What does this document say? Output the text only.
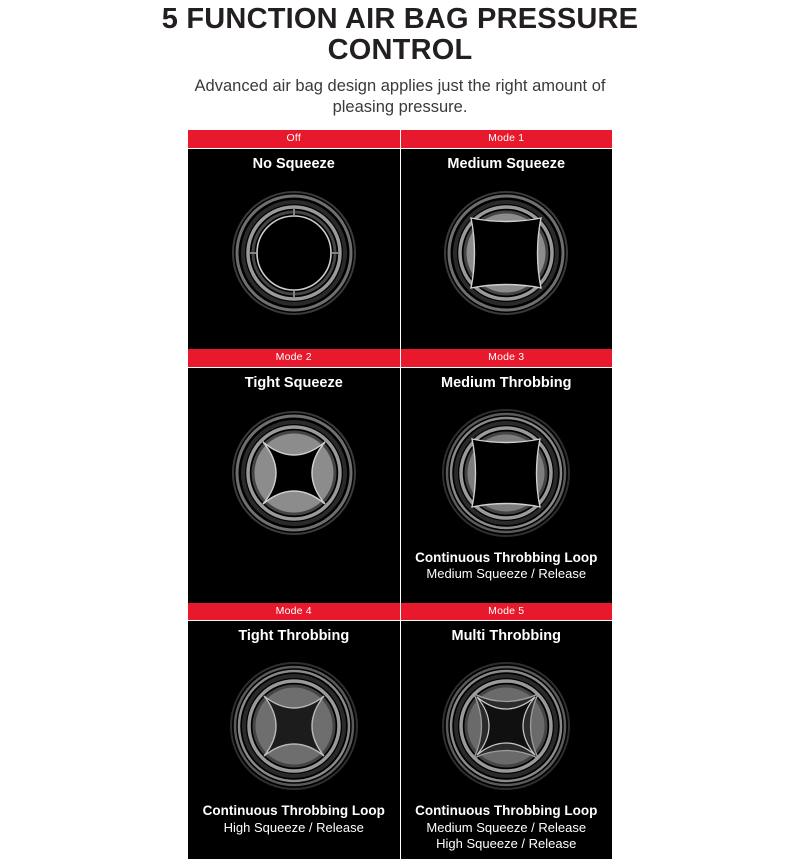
5 FUNCTION AIR BAG PRESSURE CONTROL

Advanced air bag design applies just the right amount of pleasing pressure.

Off
No Squeeze
Mode 1
Medium Squeeze
Mode 2
Tight Squeeze
Mode 3
Medium Throbbing
Continuous Throbbing Loop
Medium Squeeze / Release
Mode 4
Tight Throbbing
Continuous Throbbing Loop
High Squeeze / Release
Mode 5
Multi Throbbing
Continuous Throbbing Loop
Medium Squeeze / Release
High Squeeze / Release
